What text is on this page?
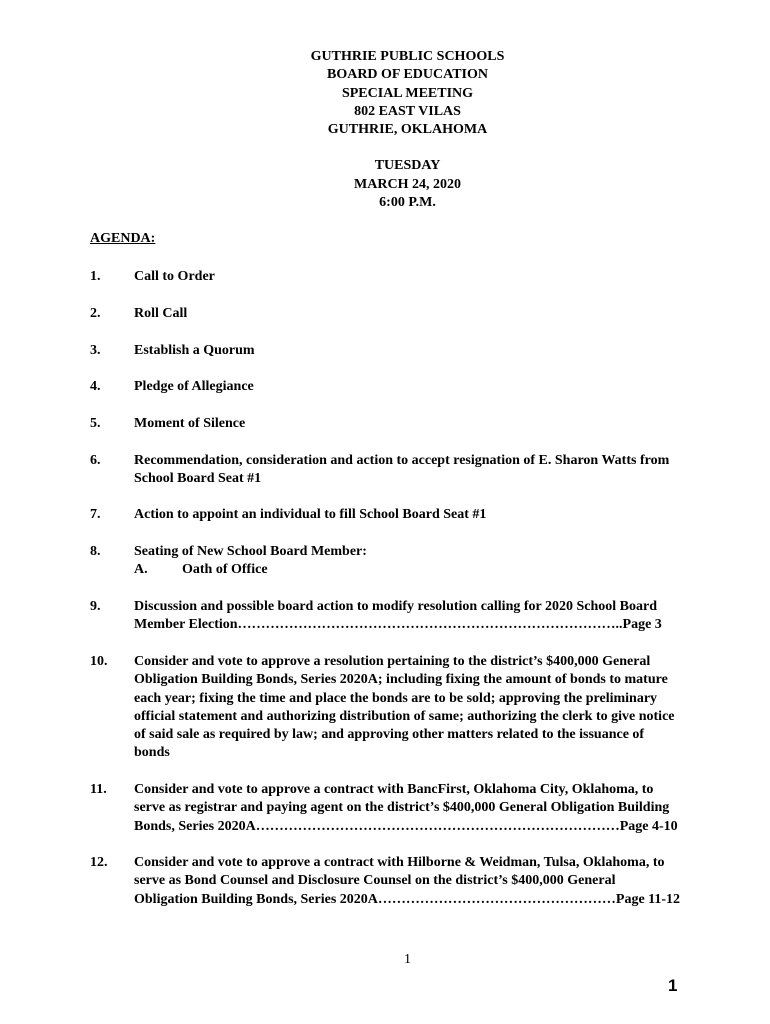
GUTHRIE PUBLIC SCHOOLS
BOARD OF EDUCATION
SPECIAL MEETING
802 EAST VILAS
GUTHRIE, OKLAHOMA
TUESDAY
MARCH 24, 2020
6:00 P.M.
AGENDA:
1. Call to Order
2. Roll Call
3. Establish a Quorum
4. Pledge of Allegiance
5. Moment of Silence
6. Recommendation, consideration and action to accept resignation of E. Sharon Watts from
School Board Seat #1
7. Action to appoint an individual to fill School Board Seat #1
8. Seating of New School Board Member:
A. Oath of Office
9. Discussion and possible board action to modify resolution calling for 2020 School Board
Member Election………………………………………………………………………..Page 3
10. Consider and vote to approve a resolution pertaining to the district’s $400,000 General
Obligation Building Bonds, Series 2020A; including fixing the amount of bonds to mature
each year; fixing the time and place the bonds are to be sold; approving the preliminary
official statement and authorizing distribution of same; authorizing the clerk to give notice
of said sale as required by law; and approving other matters related to the issuance of
bonds
11. Consider and vote to approve a contract with BancFirst, Oklahoma City, Oklahoma, to
serve as registrar and paying agent on the district’s $400,000 General Obligation Building
Bonds, Series 2020A……………………………………………………………………Page 4-10
12. Consider and vote to approve a contract with Hilborne & Weidman, Tulsa, Oklahoma, to
serve as Bond Counsel and Disclosure Counsel on the district’s $400,000 General
Obligation Building Bonds, Series 2020A……………………………………………Page 11-12
1
1
